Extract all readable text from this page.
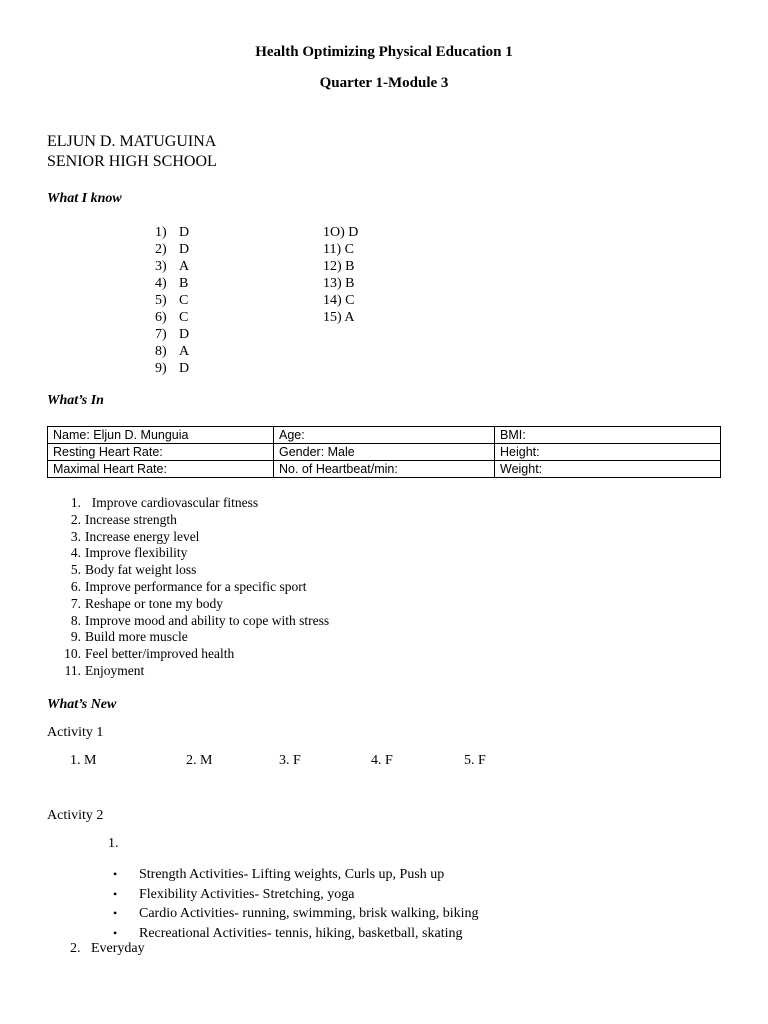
Health Optimizing Physical Education 1
Quarter 1-Module 3
ELJUN D. MATUGUINA
SENIOR HIGH SCHOOL
What I know
1) D
2) D
3) A
4) B
5) C
6) C
7) D
8) A
9) D
1O) D
11) C
12) B
13) B
14) C
15) A
What’s In
Name: Eljun D. Munguia	Age:	BMI:
Resting Heart Rate:	Gender: Male	Height:
Maximal Heart Rate:	No. of Heartbeat/min:	Weight:
1. Improve cardiovascular fitness
2. Increase strength
3. Increase energy level
4. Improve flexibility
5. Body fat weight loss
6. Improve performance for a specific sport
7. Reshape or tone my body
8. Improve mood and ability to cope with stress
9. Build more muscle
10. Feel better/improved health
11. Enjoyment
What’s New
Activity 1
1. M	2. M	3. F	4. F	5. F
Activity 2
1.
• Strength Activities- Lifting weights, Curls up, Push up
• Flexibility Activities- Stretching, yoga
• Cardio Activities- running, swimming, brisk walking, biking
• Recreational Activities- tennis, hiking, basketball, skating
2.   Everyday
